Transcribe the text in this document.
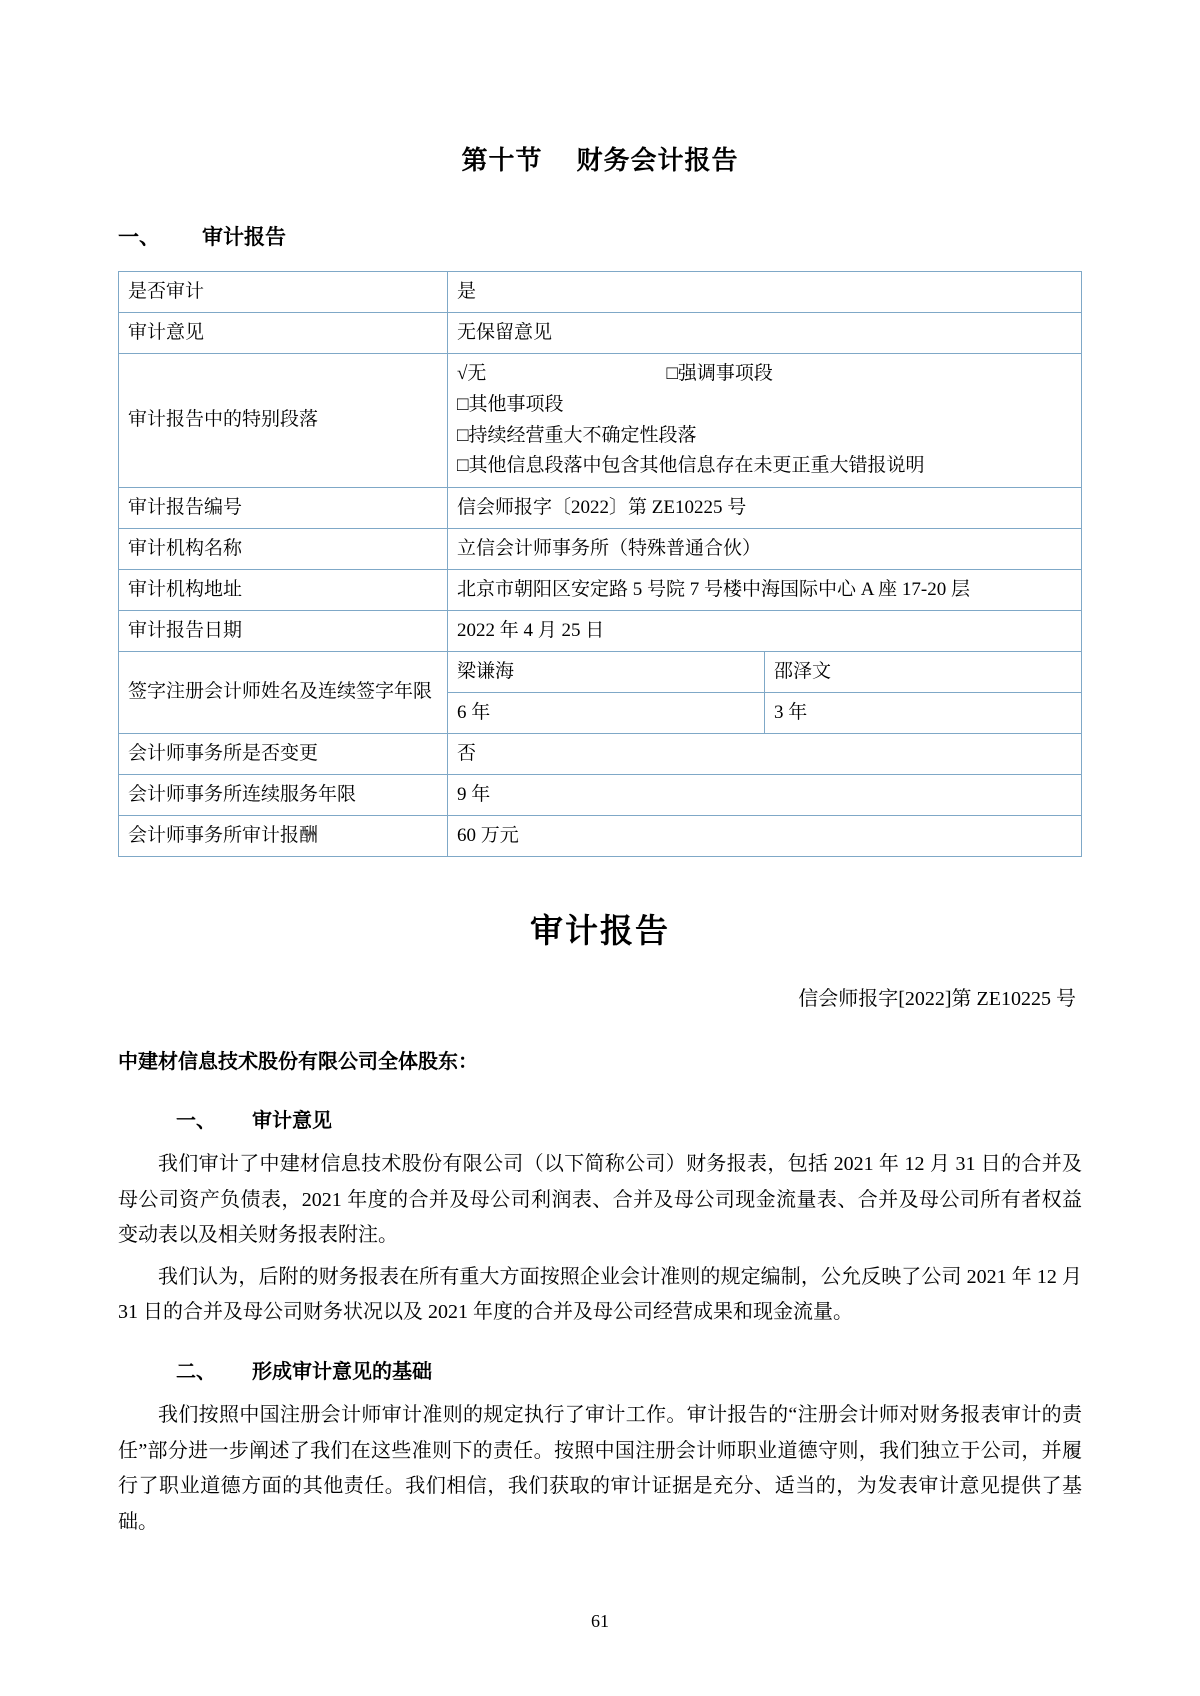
第十节 财务会计报告
一、 审计报告
是否审计	是	
审计意见	无保留意见	
审计报告中的特别段落	√无 □强调事项段
□其他事项段
□持续经营重大不确定性段落
□其他信息段落中包含其他信息存在未更正重大错报说明	

审计报告编号	信会师报字〔2022〕第 ZE10225 号	
审计机构名称	立信会计师事务所（特殊普通合伙）	
审计机构地址	北京市朝阳区安定路 5 号院 7 号楼中海国际中心 A 座 17-20 层	
审计报告日期	2022 年 4 月 25 日	
签字注册会计师姓名及连续签字年限	梁谦海	邵泽文
	6 年	3 年
会计师事务所是否变更	否	
会计师事务所连续服务年限	9 年	
会计师事务所审计报酬	60 万元	
审计报告
信会师报字[2022]第 ZE10225 号
中建材信息技术股份有限公司全体股东：
一、 审计意见

我们审计了中建材信息技术股份有限公司（以下简称公司）财务报表，包括 2021 年 12 月 31 日的合并及母公司资产负债表，2021 年度的合并及母公司利润表、合并及母公司现金流量表、合并及母公司所有者权益变动表以及相关财务报表附注。

我们认为，后附的财务报表在所有重大方面按照企业会计准则的规定编制，公允反映了公司 2021 年 12 月 31 日的合并及母公司财务状况以及 2021 年度的合并及母公司经营成果和现金流量。

二、 形成审计意见的基础

我们按照中国注册会计师审计准则的规定执行了审计工作。审计报告的“注册会计师对财务报表审计的责任”部分进一步阐述了我们在这些准则下的责任。按照中国注册会计师职业道德守则，我们独立于公司，并履行了职业道德方面的其他责任。我们相信，我们获取的审计证据是充分、适当的，为发表审计意见提供了基础。

61
